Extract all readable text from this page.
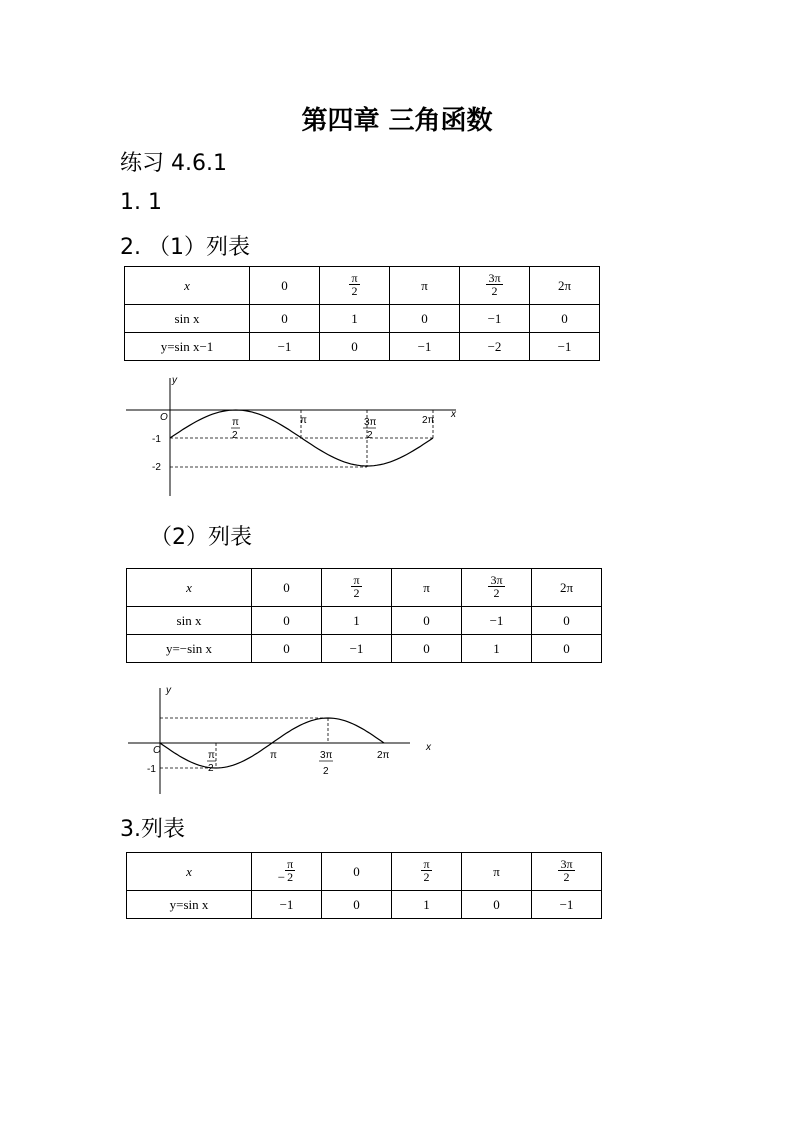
第四章 三角函数
练习 4.6.1
1. 1
2. （1）列表
x	0	$\frac{\pi}{2}$	π	$\frac{3\pi}{2}$	2π
sin x	0	1	0	−1	0
y=sin x−1	−1	0	−1	−2	−1
y
x
O
-1
-2
π
2
π	3π
2
2π
（2）列表
x	0	$\frac{\pi}{2}$	π	$\frac{3\pi}{2}$	2π
sin x	0	1	0	−1	0
y=−sin x	0	−1	0	1	0
y
x
O
-1
π
2
π	3π
2
2π
3.列表
x	− $\frac{\pi}{2}$	0	$\frac{\pi}{2}$	π	$\frac{3\pi}{2}$

y=sin x	−1	0	1	0	−1
